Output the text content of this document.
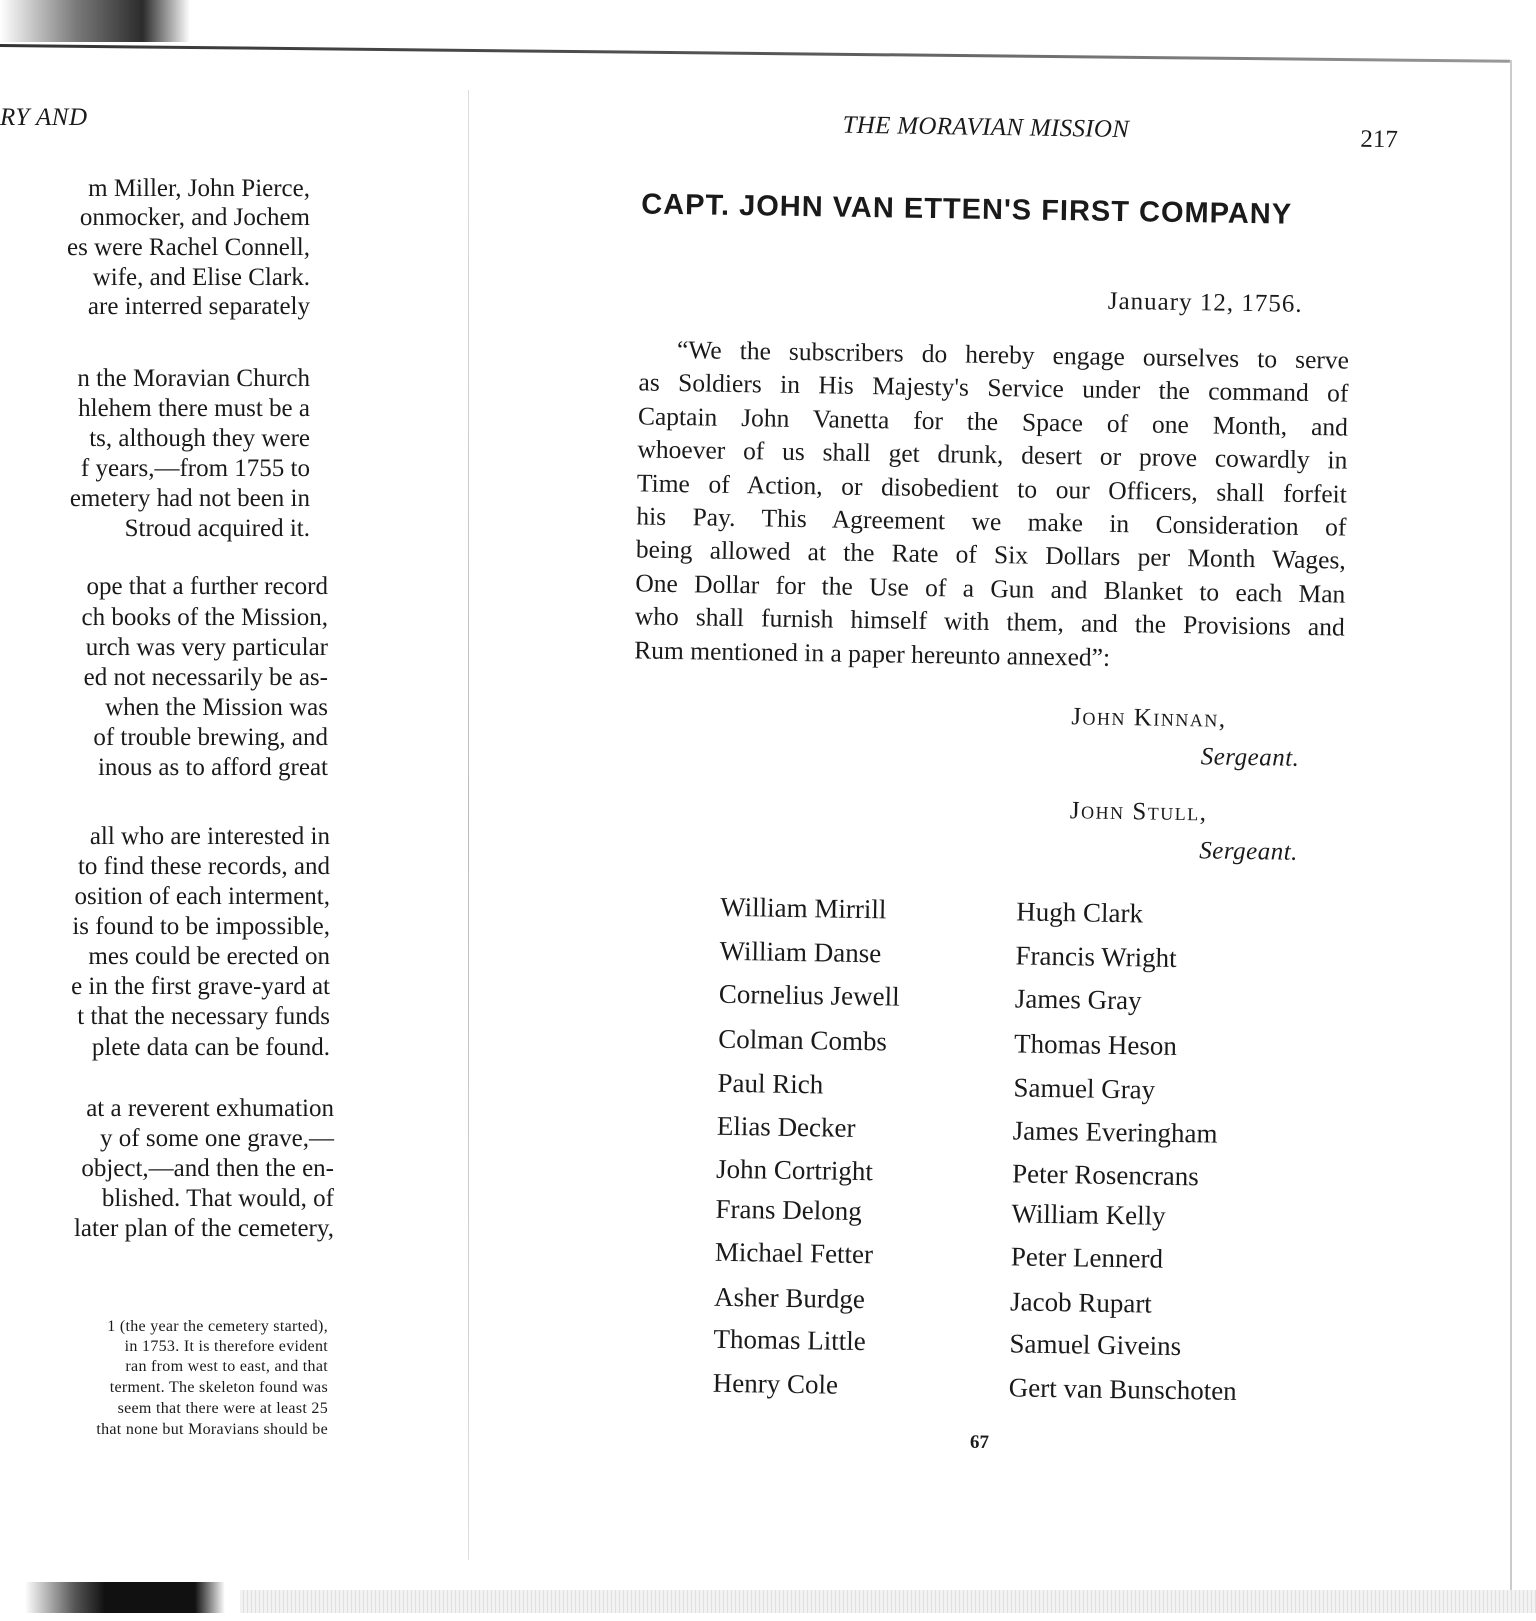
RY AND
m Miller, John Pierce,
onmocker, and Jochem
es were Rachel Connell,
wife, and Elise Clark.
are interred separately
n the Moravian Church
hlehem there must be a
ts, although they were
f years,—from 1755 to
emetery had not been in
Stroud acquired it.
ope that a further record
ch books of the Mission,
urch was very particular
ed not necessarily be as-
when the Mission was
of trouble brewing, and
inous as to afford great
all who are interested in
to find these records, and
osition of each interment,
is found to be impossible,
mes could be erected on
e in the first grave-yard at
t that the necessary funds
plete data can be found.
at a reverent exhumation
y of some one grave,—
object,—and then the en-
blished. That would, of
later plan of the cemetery,
1 (the year the cemetery started),
in 1753. It is therefore evident
ran from west to east, and that
terment. The skeleton found was
seem that there were at least 25
that none but Moravians should be
THE MORAVIAN MISSION	217
CAPT. JOHN VAN ETTEN'S FIRST COMPANY
January 12, 1756.
“We the subscribers do hereby engage ourselves to serve
as Soldiers in His Majesty's Service under the command of
Captain John Vanetta for the Space of one Month, and
whoever of us shall get drunk, desert or prove cowardly in
Time of Action, or disobedient to our Officers, shall forfeit
his Pay. This Agreement we make in Consideration of
being allowed at the Rate of Six Dollars per Month Wages,
One Dollar for the Use of a Gun and Blanket to each Man
who shall furnish himself with them, and the Provisions and
Rum mentioned in a paper hereunto annexed”:
John Kinnan,
Sergeant.
John Stull,
Sergeant.
William Mirrill
William Danse
Cornelius Jewell
Colman Combs
Paul Rich
Elias Decker
John Cortright
Frans Delong
Michael Fetter
Asher Burdge
Thomas Little
Henry Cole
Hugh Clark
Francis Wright
James Gray
Thomas Heson
Samuel Gray
James Everingham
Peter Rosencrans
William Kelly
Peter Lennerd
Jacob Rupart
Samuel Giveins
Gert van Bunschoten
67
